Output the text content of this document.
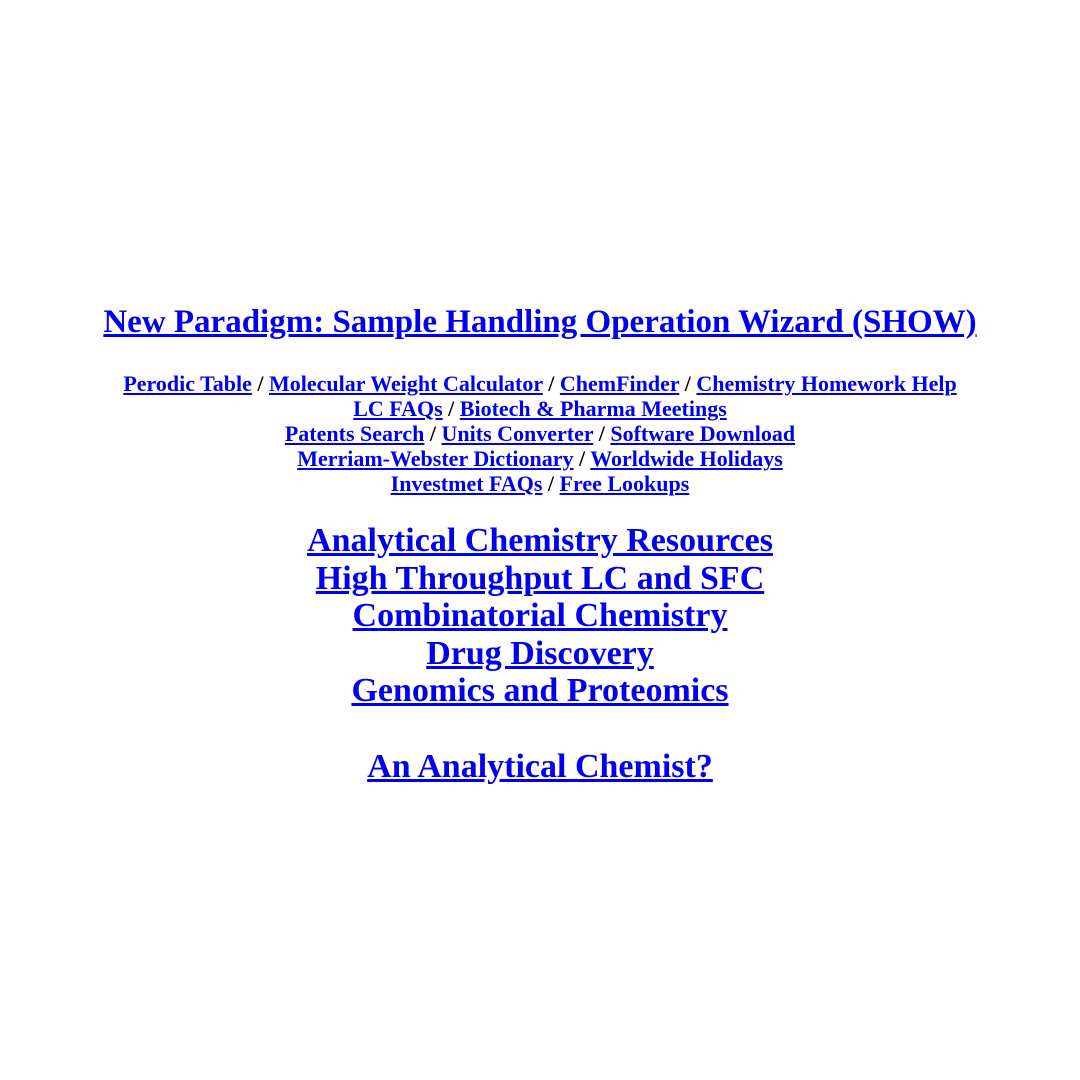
New Paradigm: Sample Handling Operation Wizard (SHOW)
Perodic Table / Molecular Weight Calculator / ChemFinder / Chemistry Homework Help
LC FAQs / Biotech & Pharma Meetings
Patents Search / Units Converter / Software Download
Merriam-Webster Dictionary / Worldwide Holidays
Investmet FAQs / Free Lookups
Analytical Chemistry Resources
High Throughput LC and SFC
Combinatorial Chemistry
Drug Discovery
Genomics and Proteomics
An Analytical Chemist?
